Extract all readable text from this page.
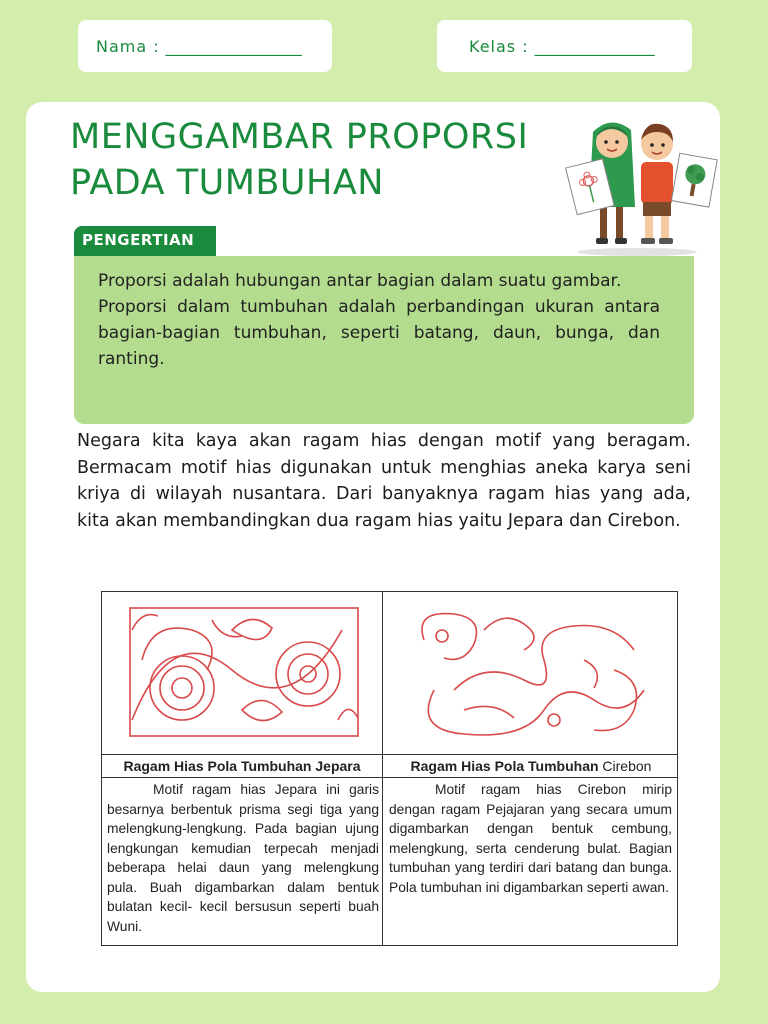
Nama : _________________	Kelas : _______________
MENGGAMBAR PROPORSI
PADA TUMBUHAN
PENGERTIAN

Proporsi adalah hubungan antar bagian dalam suatu gambar.
Proporsi dalam tumbuhan adalah perbandingan ukuran antara bagian-bagian tumbuhan, seperti batang, daun, bunga, dan ranting.

Negara kita kaya akan ragam hias dengan motif yang beragam. Bermacam motif hias digunakan untuk menghias aneka karya seni kriya di wilayah nusantara. Dari banyaknya ragam hias yang ada, kita akan membandingkan dua ragam hias yaitu Jepara dan Cirebon.

Ragam Hias Pola Tumbuhan Jepara	Ragam Hias Pola Tumbuhan Cirebon

Motif ragam hias Jepara ini garis besarnya berbentuk prisma segi tiga yang melengkung-lengkung. Pada bagian ujung lengkungan kemudian terpecah menjadi beberapa helai daun yang melengkung pula. Buah digambarkan dalam bentuk bulatan kecil- kecil bersusun seperti buah Wuni.

Motif ragam hias Cirebon mirip dengan ragam Pejajaran yang secara umum digambarkan dengan bentuk cembung, melengkung, serta cenderung bulat. Bagian tumbuhan yang terdiri dari batang dan bunga. Pola tumbuhan ini digambarkan seperti awan.
